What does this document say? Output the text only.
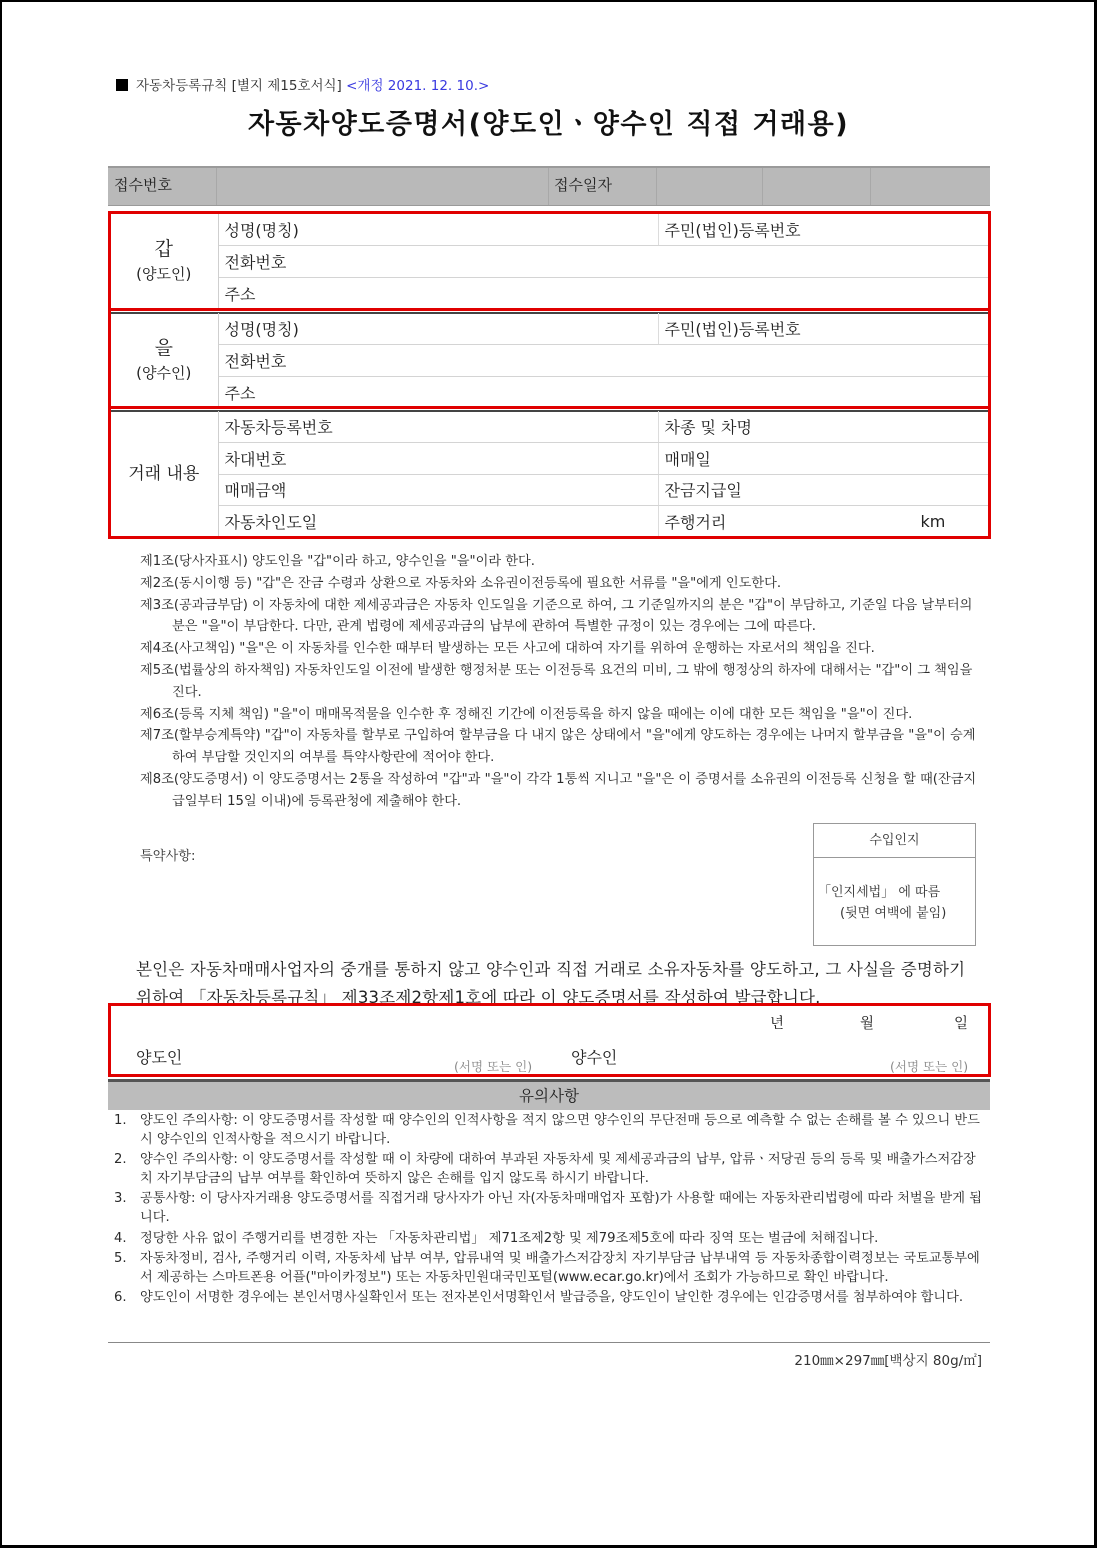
자동차등록규칙 [별지 제15호서식] <개정 2021. 12. 10.>
자동차양도증명서(양도인ㆍ양수인 직접 거래용)
접수번호	접수일자
갑
(양도인)
	성명(명칭)	주민(법인)등록번호
전화번호
주소
을
(양수인)
	성명(명칭)	주민(법인)등록번호
전화번호
주소
거래 내용	자동차등록번호	차종 및 차명
	차대번호	매매일
	매매금액	잔금지급일
	자동차인도일	주행거리 km

제1조(당사자표시) 양도인을 "갑"이라 하고, 양수인을 "을"이라 한다.

제2조(동시이행 등) "갑"은 잔금 수령과 상환으로 자동차와 소유권이전등록에 필요한 서류를 "을"에게 인도한다.

제3조(공과금부담) 이 자동차에 대한 제세공과금은 자동차 인도일을 기준으로 하여, 그 기준일까지의 분은 "갑"이 부담하고, 기준일 다음 날부터의 분은 "을"이 부담한다. 다만, 관계 법령에 제세공과금의 납부에 관하여 특별한 규정이 있는 경우에는 그에 따른다.

제4조(사고책임) "을"은 이 자동차를 인수한 때부터 발생하는 모든 사고에 대하여 자기를 위하여 운행하는 자로서의 책임을 진다.

제5조(법률상의 하자책임) 자동차인도일 이전에 발생한 행정처분 또는 이전등록 요건의 미비, 그 밖에 행정상의 하자에 대해서는 "갑"이 그 책임을 진다.

제6조(등록 지체 책임) "을"이 매매목적물을 인수한 후 정해진 기간에 이전등록을 하지 않을 때에는 이에 대한 모든 책임을 "을"이 진다.

제7조(할부승계특약) "갑"이 자동차를 할부로 구입하여 할부금을 다 내지 않은 상태에서 "을"에게 양도하는 경우에는 나머지 할부금을 "을"이 승계하여 부담할 것인지의 여부를 특약사항란에 적어야 한다.

제8조(양도증명서) 이 양도증명서는 2통을 작성하여 "갑"과 "을"이 각각 1통씩 지니고 "을"은 이 증명서를 소유권의 이전등록 신청을 할 때(잔금지급일부터 15일 이내)에 등록관청에 제출해야 한다.

특약사항:
수입인지
「인지세법」 에 따름
(뒷면 여백에 붙임)
본인은 자동차매매사업자의 중개를 통하지 않고 양수인과 직접 거래로 소유자동차를 양도하고, 그 사실을 증명하기 위하여 「자동차등록규칙」 제33조제2항제1호에 따라 이 양도증명서를 작성하여 발급합니다.
년	월	일
양도인	(서명 또는 인) 양수인	(서명 또는 인)
유의사항
1. 양도인 주의사항: 이 양도증명서를 작성할 때 양수인의 인적사항을 적지 않으면 양수인의 무단전매 등으로 예측할 수 없는 손해를 볼 수 있으니 반드시 양수인의 인적사항을 적으시기 바랍니다.
2. 양수인 주의사항: 이 양도증명서를 작성할 때 이 차량에 대하여 부과된 자동차세 및 제세공과금의 납부, 압류ㆍ저당권 등의 등록 및 배출가스저감장치 자기부담금의 납부 여부를 확인하여 뜻하지 않은 손해를 입지 않도록 하시기 바랍니다.
3. 공통사항: 이 당사자거래용 양도증명서를 직접거래 당사자가 아닌 자(자동차매매업자 포함)가 사용할 때에는 자동차관리법령에 따라 처벌을 받게 됩니다.
4. 정당한 사유 없이 주행거리를 변경한 자는 「자동차관리법」 제71조제2항 및 제79조제5호에 따라 징역 또는 벌금에 처해집니다.
5. 자동차정비, 검사, 주행거리 이력, 자동차세 납부 여부, 압류내역 및 배출가스저감장치 자기부담금 납부내역 등 자동차종합이력정보는 국토교통부에서 제공하는 스마트폰용 어플("마이카정보") 또는 자동차민원대국민포털(www.ecar.go.kr)에서 조회가 가능하므로 확인 바랍니다.
6. 양도인이 서명한 경우에는 본인서명사실확인서 또는 전자본인서명확인서 발급증을, 양도인이 날인한 경우에는 인감증명서를 첨부하여야 합니다.
210㎜×297㎜[백상지 80g/㎡]
